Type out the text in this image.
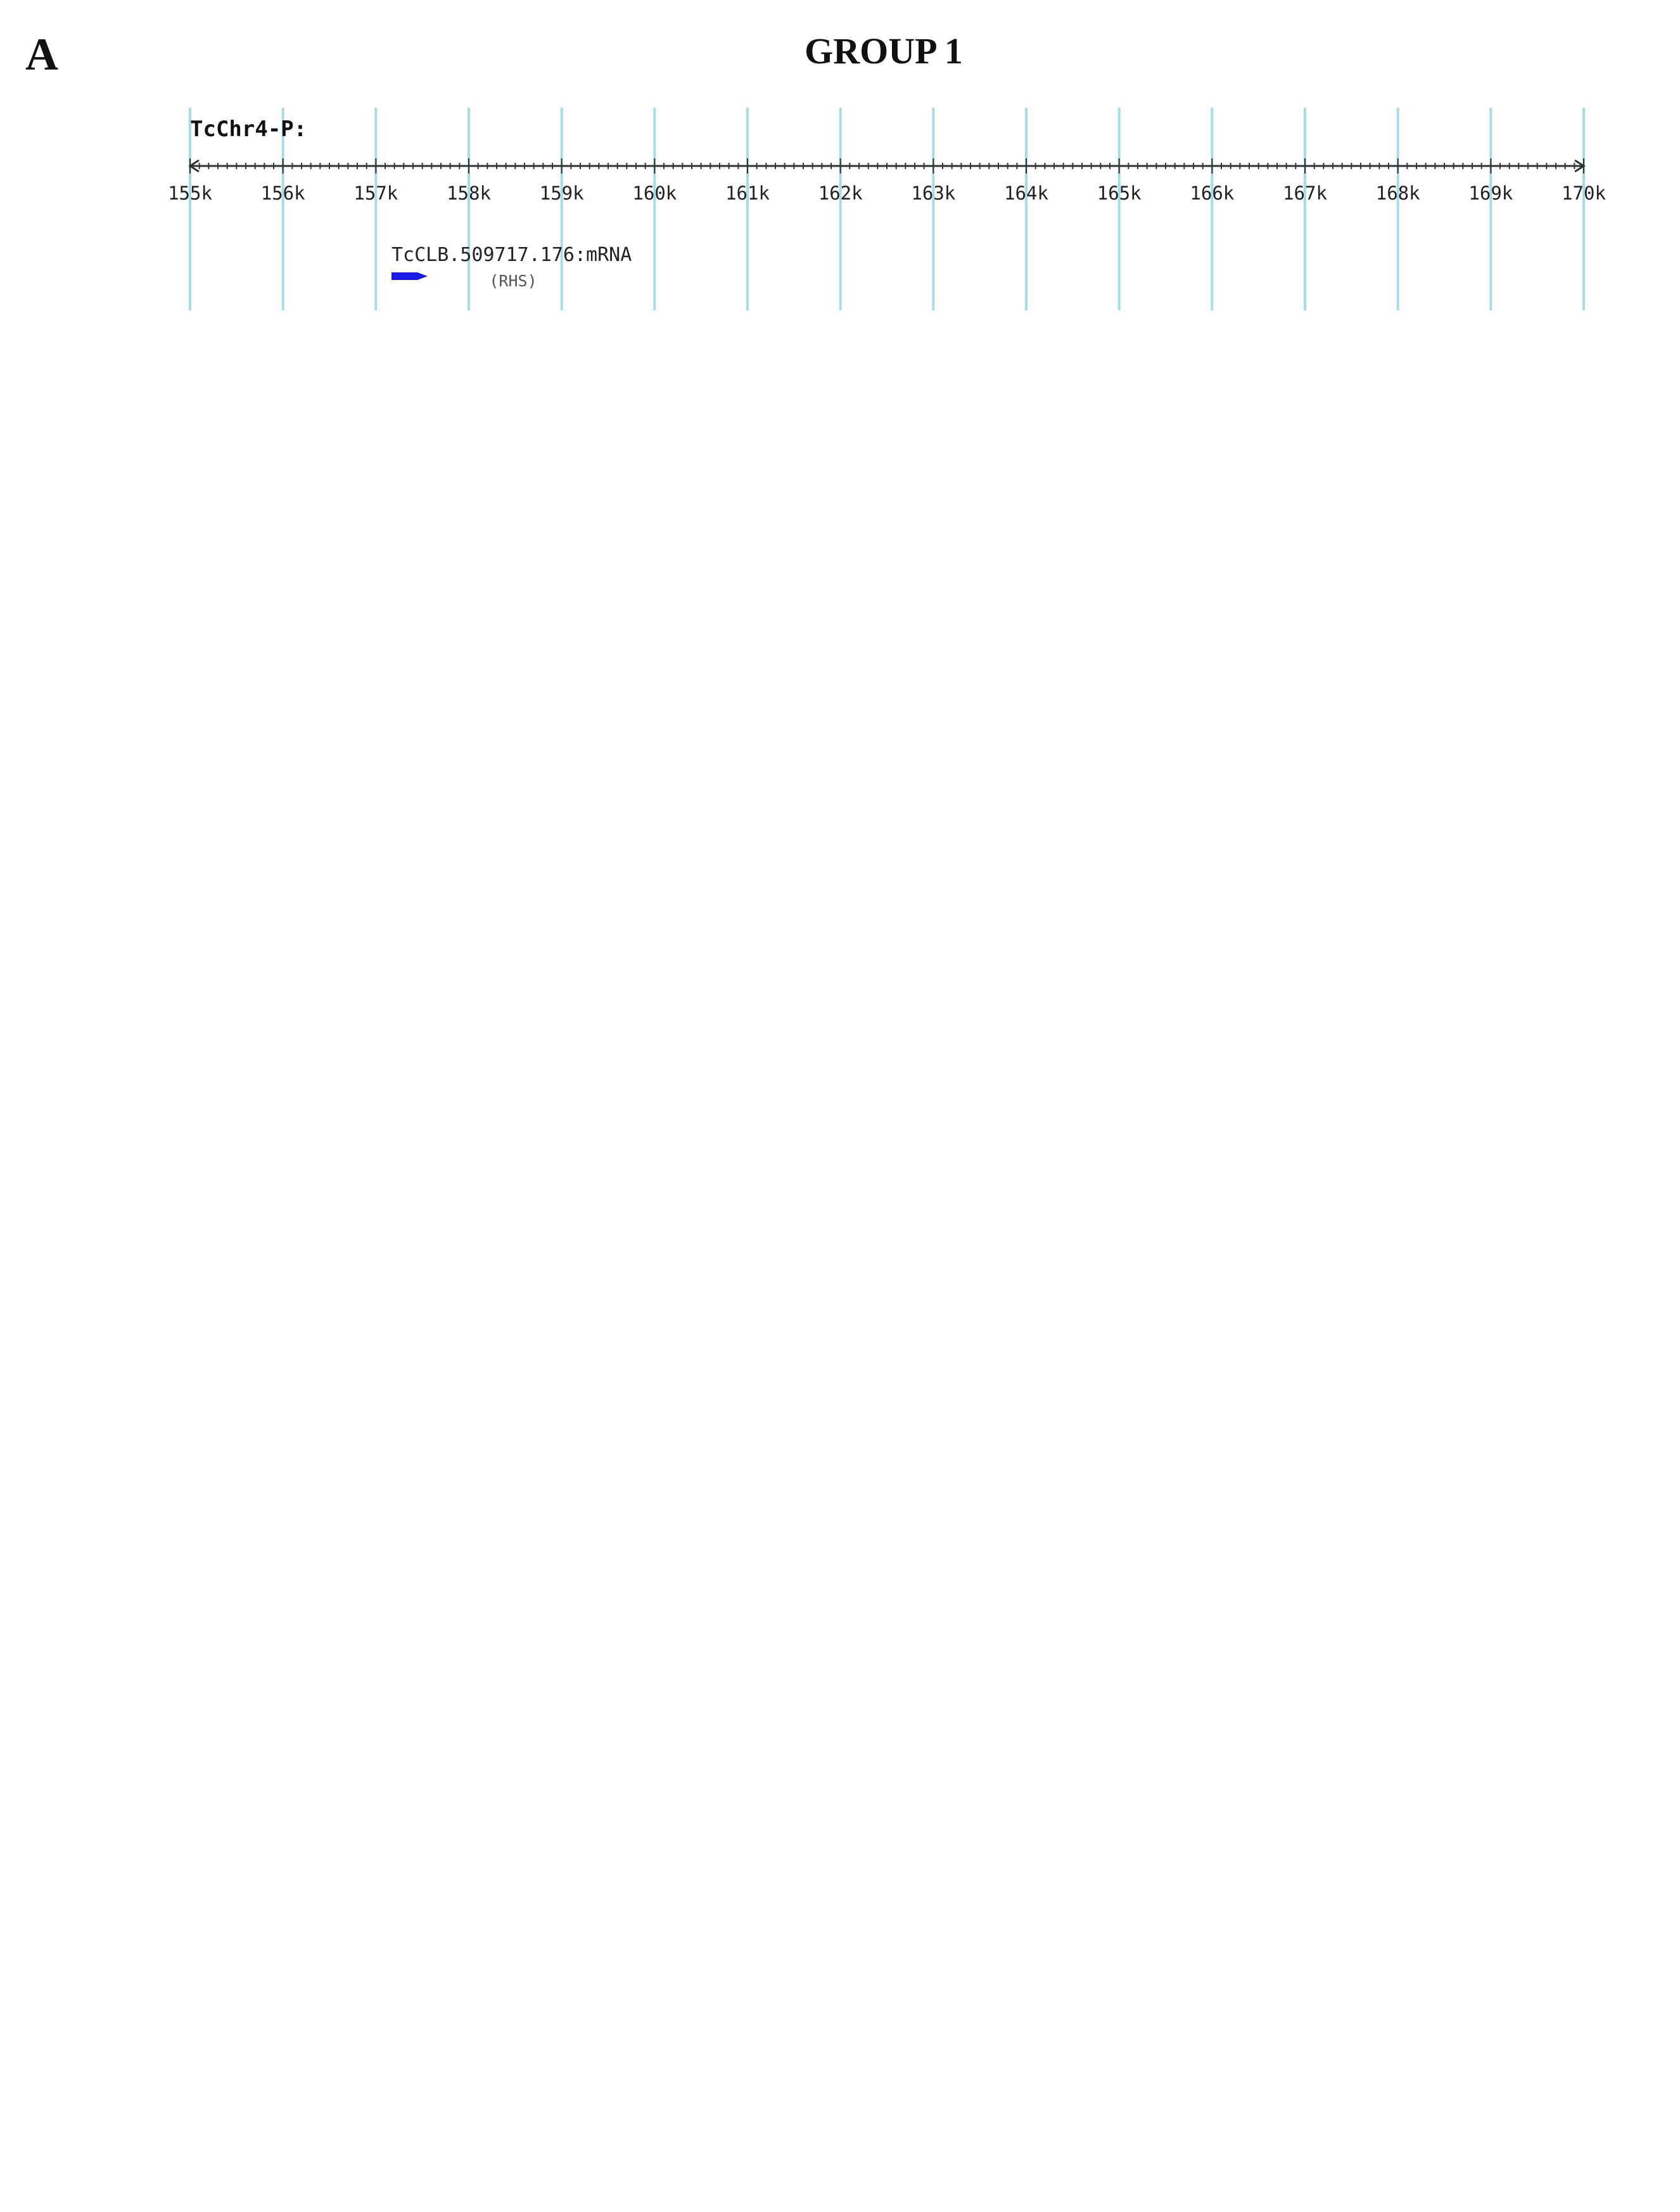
A	GROUP 1
TcChr4-P:
155k	156k	157k	158k	159k	160k	161k	162k	163k	164k	165k	166k	167k	168k	169k	170k
TcCLB.509717.176:mRNA
(RHS)
